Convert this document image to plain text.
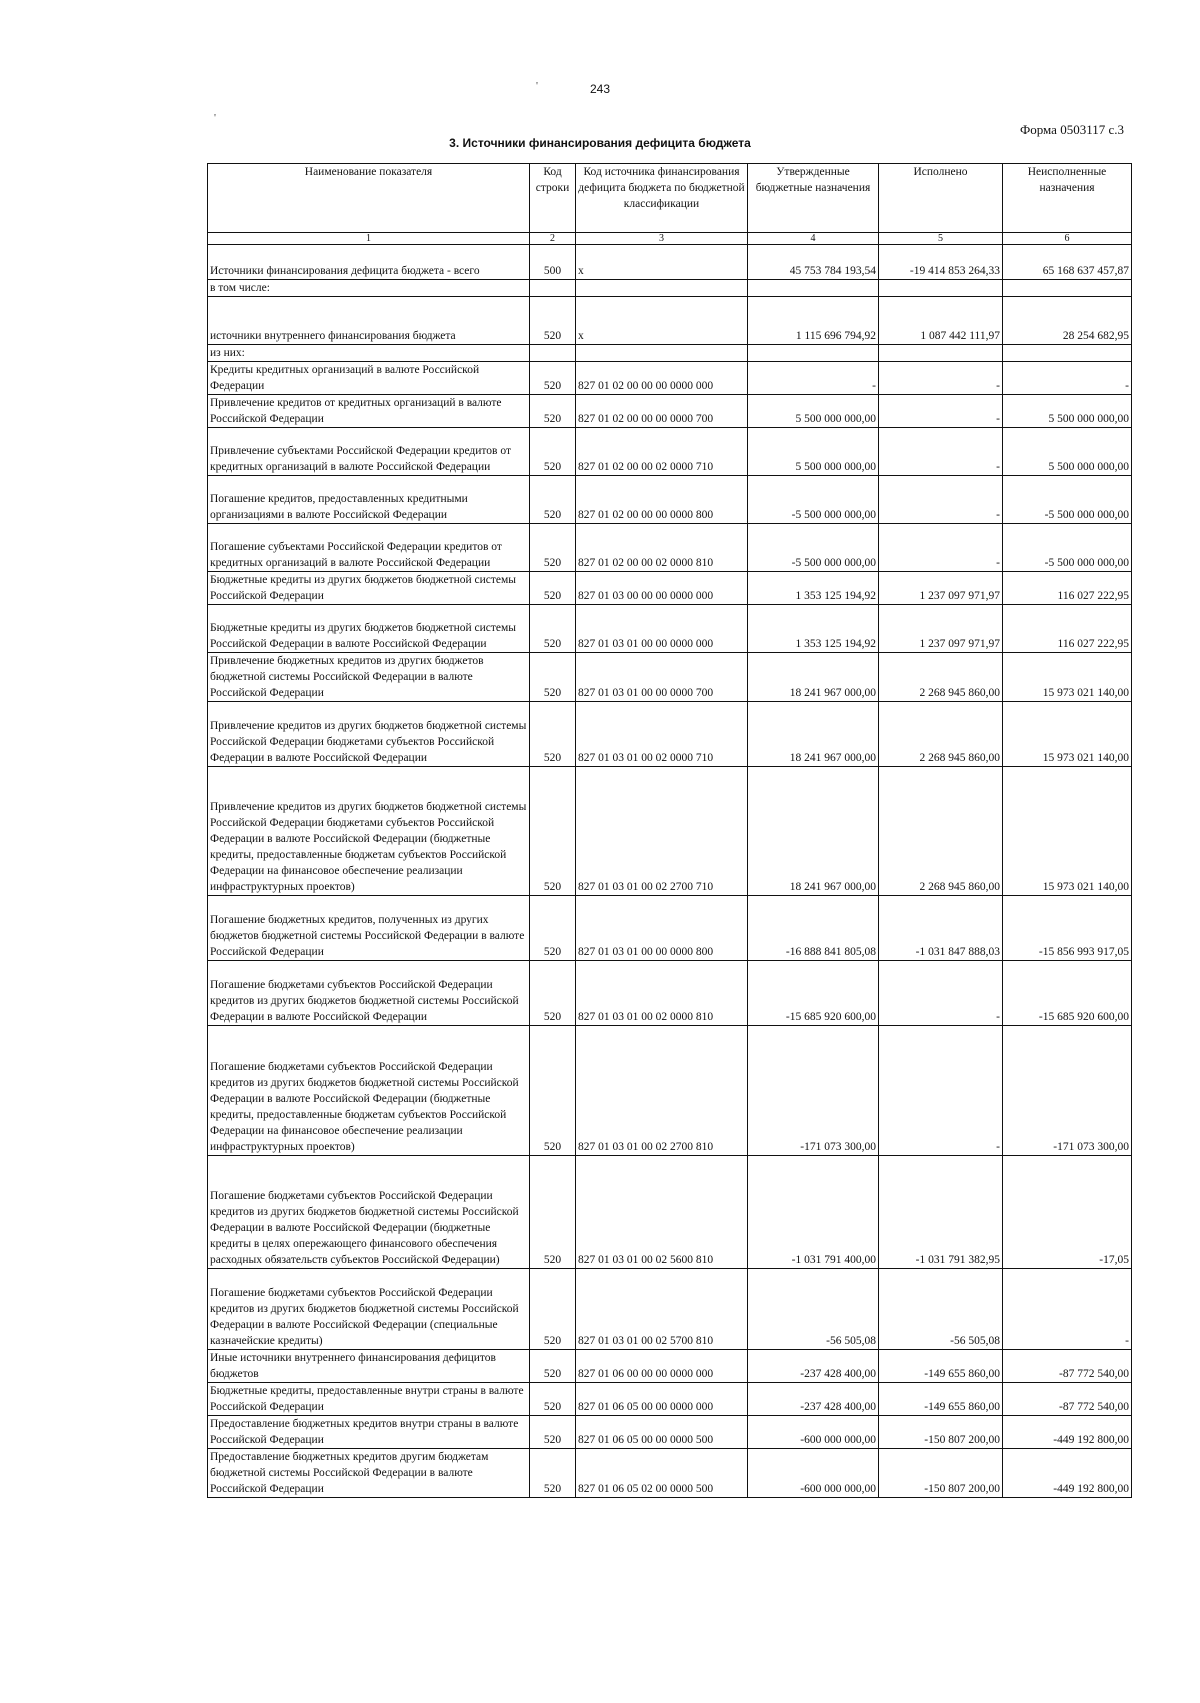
'
'
243
Форма 0503117 с.3
3. Источники финансирования дефицита бюджета
Наименование показателя	Код строки	Код источника финансирования дефицита бюджета по бюджетной классификации	Утвержденные бюджетные назначения	Исполнено	Неисполненные назначения
1	2	3	4	5	6
Источники финансирования дефицита бюджета - всего	500	х	45 753 784 193,54	-19 414 853 264,33	65 168 637 457,87
в том числе:					
источники внутреннего финансирования бюджета	520	х	1 115 696 794,92	1 087 442 111,97	28 254 682,95
из них:					
Кредиты кредитных организаций в валюте Российской Федерации	520	827 01 02 00 00 00 0000 000	-	-	-
Привлечение кредитов от кредитных организаций в валюте Российской Федерации	520	827 01 02 00 00 00 0000 700	5 500 000 000,00	-	5 500 000 000,00
Привлечение субъектами Российской Федерации кредитов от кредитных организаций в валюте Российской Федерации	520	827 01 02 00 00 02 0000 710	5 500 000 000,00	-	5 500 000 000,00
Погашение кредитов, предоставленных кредитными организациями в валюте Российской Федерации	520	827 01 02 00 00 00 0000 800	-5 500 000 000,00	-	-5 500 000 000,00
Погашение субъектами Российской Федерации кредитов от кредитных организаций в валюте Российской Федерации	520	827 01 02 00 00 02 0000 810	-5 500 000 000,00	-	-5 500 000 000,00
Бюджетные кредиты из других бюджетов бюджетной системы Российской Федерации	520	827 01 03 00 00 00 0000 000	1 353 125 194,92	1 237 097 971,97	116 027 222,95
Бюджетные кредиты из других бюджетов бюджетной системы Российской Федерации в валюте Российской Федерации	520	827 01 03 01 00 00 0000 000	1 353 125 194,92	1 237 097 971,97	116 027 222,95
Привлечение бюджетных кредитов из других бюджетов бюджетной системы Российской Федерации в валюте Российской Федерации	520	827 01 03 01 00 00 0000 700	18 241 967 000,00	2 268 945 860,00	15 973 021 140,00
Привлечение кредитов из других бюджетов бюджетной системы Российской Федерации бюджетами субъектов Российской Федерации в валюте Российской Федерации	520	827 01 03 01 00 02 0000 710	18 241 967 000,00	2 268 945 860,00	15 973 021 140,00
Привлечение кредитов из других бюджетов бюджетной системы Российской Федерации бюджетами субъектов Российской Федерации в валюте Российской Федерации (бюджетные кредиты, предоставленные бюджетам субъектов Российской Федерации на финансовое обеспечение реализации инфраструктурных проектов)	520	827 01 03 01 00 02 2700 710	18 241 967 000,00	2 268 945 860,00	15 973 021 140,00
Погашение бюджетных кредитов, полученных из других бюджетов бюджетной системы Российской Федерации в валюте Российской Федерации	520	827 01 03 01 00 00 0000 800	-16 888 841 805,08	-1 031 847 888,03	-15 856 993 917,05
Погашение бюджетами субъектов Российской Федерации кредитов из других бюджетов бюджетной системы Российской Федерации в валюте Российской Федерации	520	827 01 03 01 00 02 0000 810	-15 685 920 600,00	-	-15 685 920 600,00
Погашение бюджетами субъектов Российской Федерации кредитов из других бюджетов бюджетной системы Российской Федерации в валюте Российской Федерации (бюджетные кредиты, предоставленные бюджетам субъектов Российской Федерации на финансовое обеспечение реализации инфраструктурных проектов)	520	827 01 03 01 00 02 2700 810	-171 073 300,00	-	-171 073 300,00
Погашение бюджетами субъектов Российской Федерации кредитов из других бюджетов бюджетной системы Российской Федерации в валюте Российской Федерации (бюджетные кредиты в целях опережающего финансового обеспечения расходных обязательств субъектов Российской Федерации)	520	827 01 03 01 00 02 5600 810	-1 031 791 400,00	-1 031 791 382,95	-17,05
Погашение бюджетами субъектов Российской Федерации кредитов из других бюджетов бюджетной системы Российской Федерации в валюте Российской Федерации (специальные казначейские кредиты)	520	827 01 03 01 00 02 5700 810	-56 505,08	-56 505,08	-
Иные источники внутреннего финансирования дефицитов бюджетов	520	827 01 06 00 00 00 0000 000	-237 428 400,00	-149 655 860,00	-87 772 540,00
Бюджетные кредиты, предоставленные внутри страны в валюте Российской Федерации	520	827 01 06 05 00 00 0000 000	-237 428 400,00	-149 655 860,00	-87 772 540,00
Предоставление бюджетных кредитов внутри страны в валюте Российской Федерации	520	827 01 06 05 00 00 0000 500	-600 000 000,00	-150 807 200,00	-449 192 800,00
Предоставление бюджетных кредитов другим бюджетам бюджетной системы Российской Федерации в валюте Российской Федерации	520	827 01 06 05 02 00 0000 500	-600 000 000,00	-150 807 200,00	-449 192 800,00
